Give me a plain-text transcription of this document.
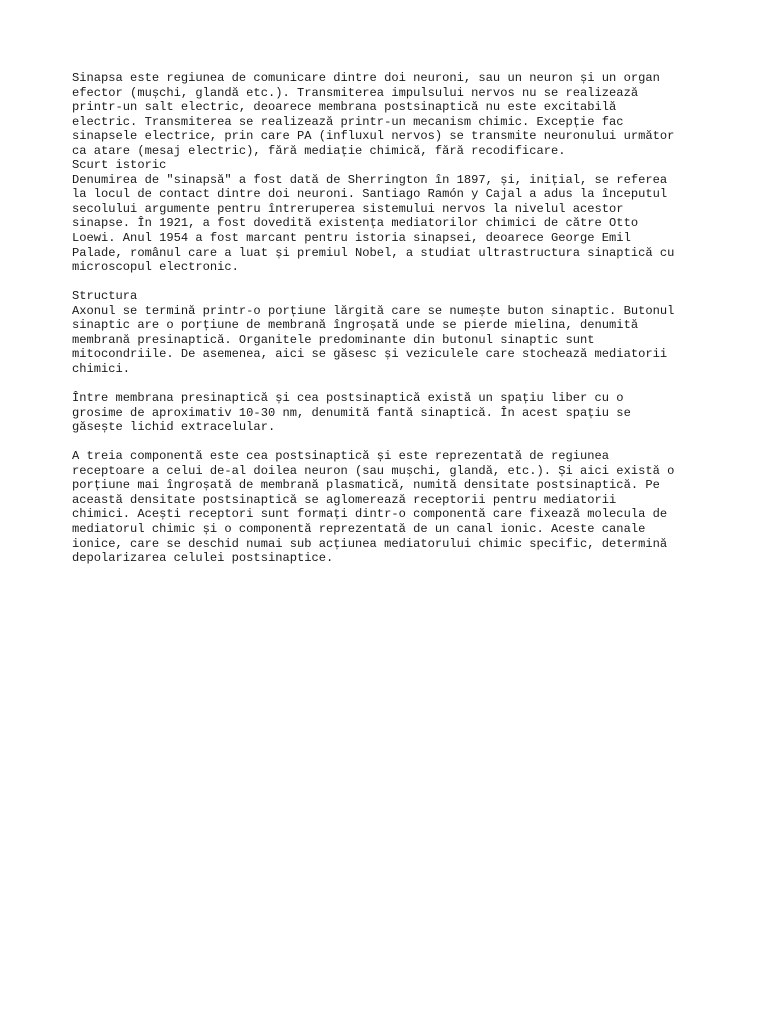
Sinapsa este regiunea de comunicare dintre doi neuroni, sau un neuron și un organ
efector (mușchi, glandă etc.). Transmiterea impulsului nervos nu se realizează
printr-un salt electric, deoarece membrana postsinaptică nu este excitabilă
electric. Transmiterea se realizează printr-un mecanism chimic. Excepție fac
sinapsele electrice, prin care PA (influxul nervos) se transmite neuronului următor
ca atare (mesaj electric), fără mediație chimică, fără recodificare.
Scurt istoric
Denumirea de "sinapsă" a fost dată de Sherrington în 1897, și, inițial, se referea
la locul de contact dintre doi neuroni. Santiago Ramón y Cajal a adus la începutul
secolului argumente pentru întreruperea sistemului nervos la nivelul acestor
sinapse. În 1921, a fost dovedită existența mediatorilor chimici de către Otto
Loewi. Anul 1954 a fost marcant pentru istoria sinapsei, deoarece George Emil
Palade, românul care a luat și premiul Nobel, a studiat ultrastructura sinaptică cu
microscopul electronic.
Structura
Axonul se termină printr-o porțiune lărgită care se numește buton sinaptic. Butonul
sinaptic are o porțiune de membrană îngroșată unde se pierde mielina, denumită
membrană presinaptică. Organitele predominante din butonul sinaptic sunt
mitocondriile. De asemenea, aici se găsesc și veziculele care stochează mediatorii
chimici.
Între membrana presinaptică și cea postsinaptică există un spațiu liber cu o
grosime de aproximativ 10-30 nm, denumită fantă sinaptică. În acest spațiu se
găsește lichid extracelular.
A treia componentă este cea postsinaptică și este reprezentată de regiunea
receptoare a celui de-al doilea neuron (sau mușchi, glandă, etc.). Și aici există o
porțiune mai îngroșată de membrană plasmatică, numită densitate postsinaptică. Pe
această densitate postsinaptică se aglomerează receptorii pentru mediatorii
chimici. Acești receptori sunt formați dintr-o componentă care fixează molecula de
mediatorul chimic și o componentă reprezentată de un canal ionic. Aceste canale
ionice, care se deschid numai sub acțiunea mediatorului chimic specific, determină
depolarizarea celulei postsinaptice.
